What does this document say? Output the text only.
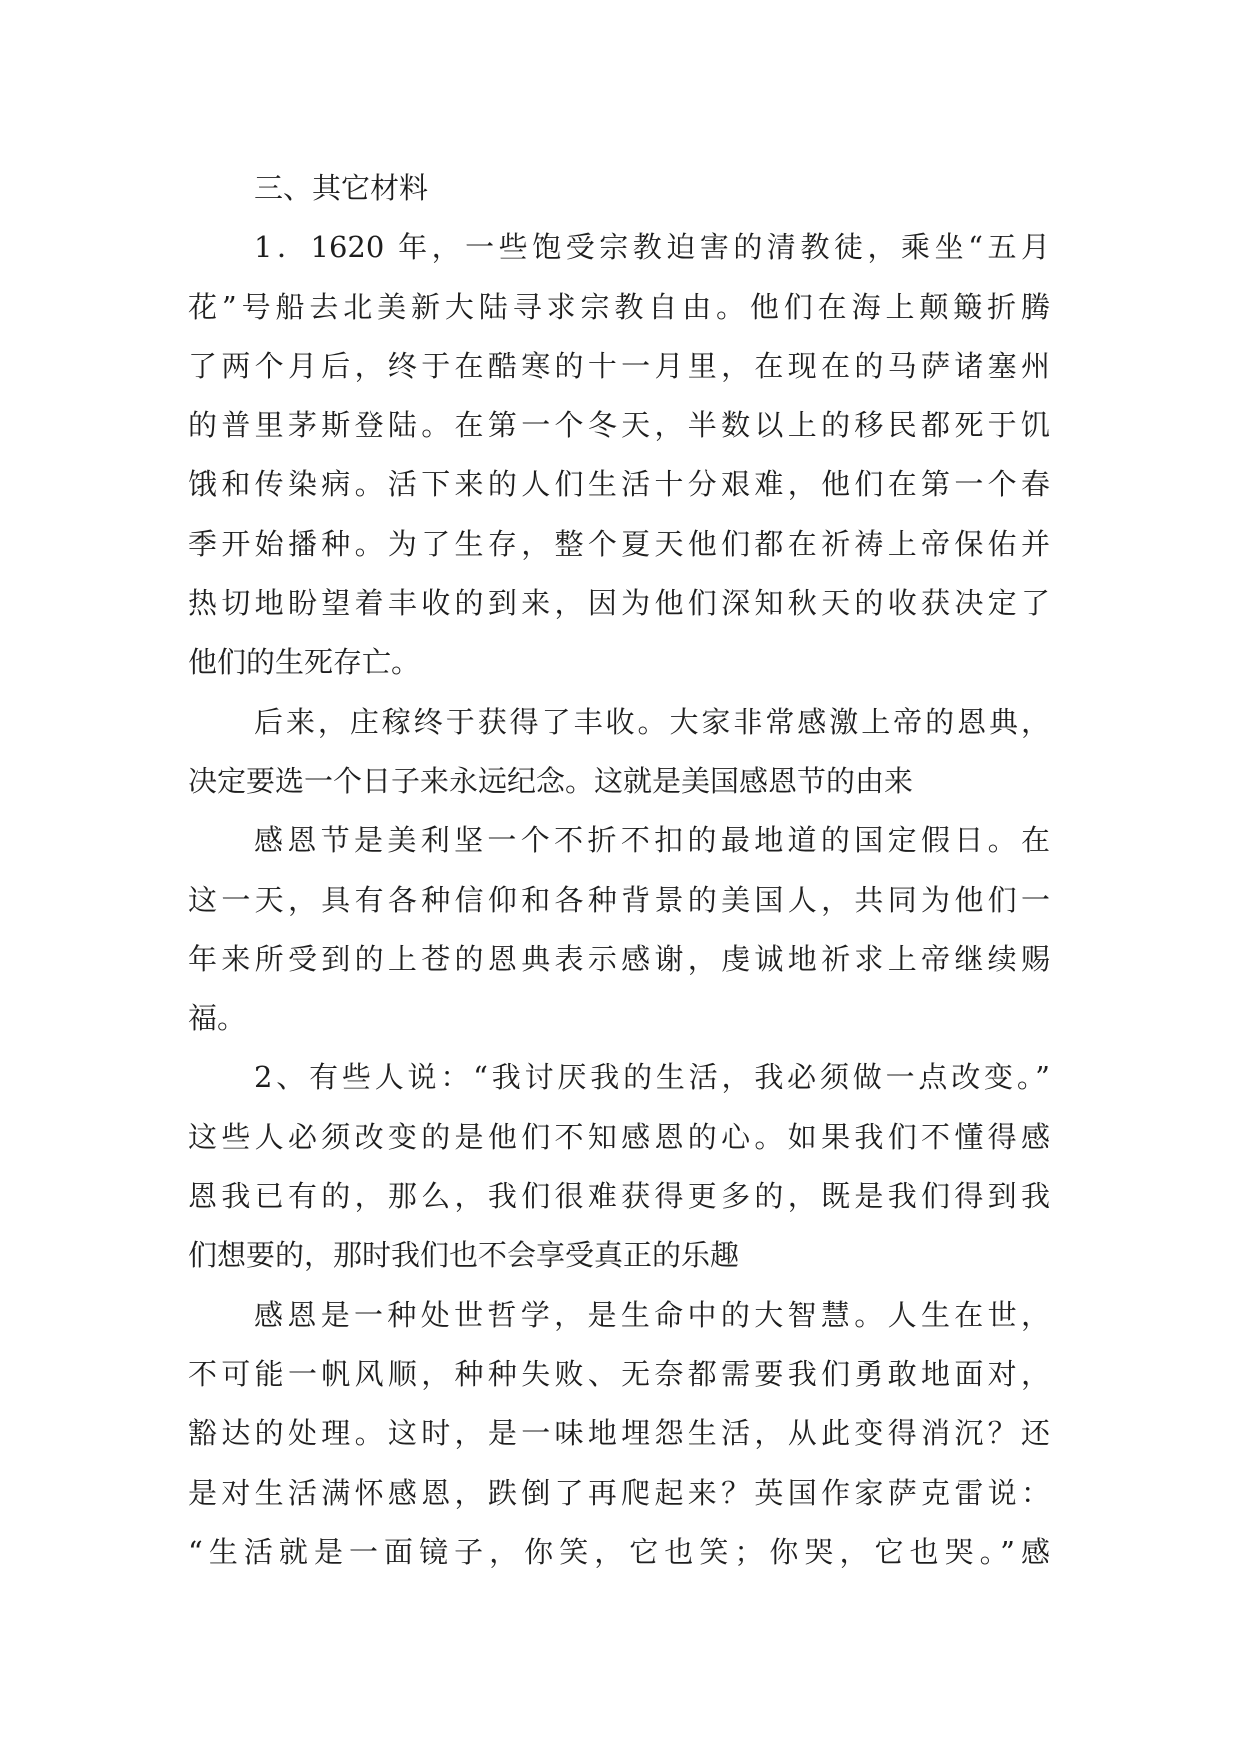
三、其它材料
1．1620 年，一些饱受宗教迫害的清教徒，乘坐“五月
花”号船去北美新大陆寻求宗教自由。他们在海上颠簸折腾
了两个月后，终于在酷寒的十一月里，在现在的马萨诸塞州
的普里茅斯登陆。在第一个冬天，半数以上的移民都死于饥
饿和传染病。活下来的人们生活十分艰难，他们在第一个春
季开始播种。为了生存，整个夏天他们都在祈祷上帝保佑并
热切地盼望着丰收的到来，因为他们深知秋天的收获决定了
他们的生死存亡。
后来，庄稼终于获得了丰收。大家非常感激上帝的恩典，
决定要选一个日子来永远纪念。这就是美国感恩节的由来
感恩节是美利坚一个不折不扣的最地道的国定假日。在
这一天，具有各种信仰和各种背景的美国人，共同为他们一
年来所受到的上苍的恩典表示感谢，虔诚地祈求上帝继续赐
福。
2、有些人说：“我讨厌我的生活，我必须做一点改变。”
这些人必须改变的是他们不知感恩的心。如果我们不懂得感
恩我已有的，那么，我们很难获得更多的，既是我们得到我
们想要的，那时我们也不会享受真正的乐趣
感恩是一种处世哲学，是生命中的大智慧。人生在世，
不可能一帆风顺，种种失败、无奈都需要我们勇敢地面对，
豁达的处理。这时，是一味地埋怨生活，从此变得消沉？还
是对生活满怀感恩，跌倒了再爬起来？英国作家萨克雷说：
“生活就是一面镜子，你笑，它也笑；你哭，它也哭。”感
